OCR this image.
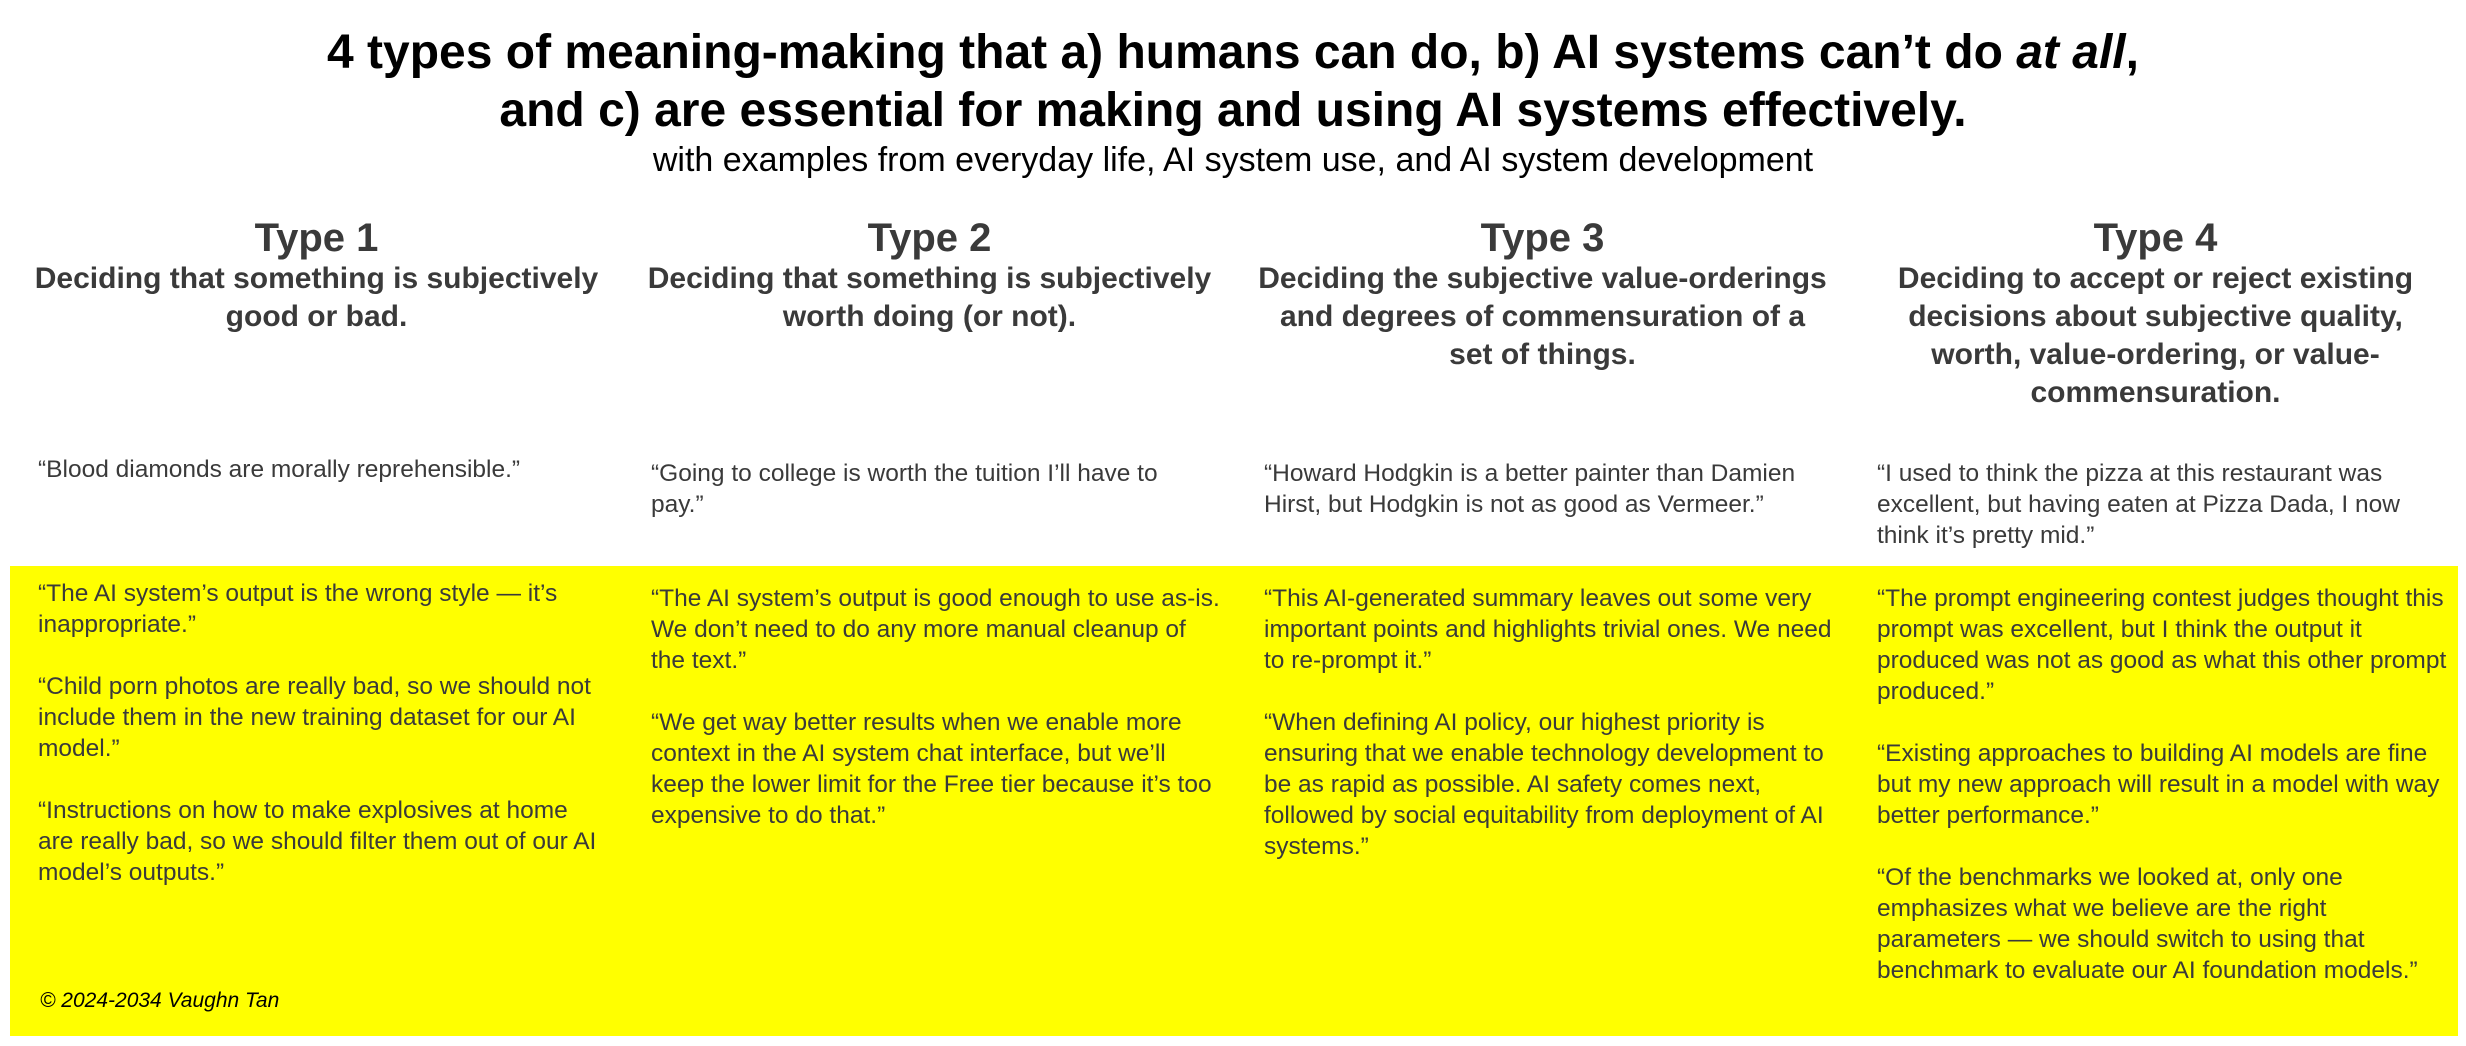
4 types of meaning-making that a) humans can do, b) AI systems can’t do at all,
and c) are essential for making and using AI systems effectively.
with examples from everyday life, AI system use, and AI system development
Type 1
Deciding that something is subjectively good or bad.
“Blood diamonds are morally reprehensible.”

“The AI system’s output is the wrong style — it’s inappropriate.”

“Child porn photos are really bad, so we should not include them in the new training dataset for our AI model.”

“Instructions on how to make explosives at home are really bad, so we should filter them out of our AI model’s outputs.”

Type 2
Deciding that something is subjectively worth doing (or not).
“Going to college is worth the tuition I’ll have to pay.”

“The AI system’s output is good enough to use as-is. We don’t need to do any more manual cleanup of the text.”

“We get way better results when we enable more context in the AI system chat interface, but we’ll keep the lower limit for the Free tier because it’s too expensive to do that.”

Type 3
Deciding the subjective value-orderings and degrees of commensuration of a set of things.
“Howard Hodgkin is a better painter than Damien Hirst, but Hodgkin is not as good as Vermeer.”

“This AI-generated summary leaves out some very important points and highlights trivial ones. We need to re-prompt it.”

“When defining AI policy, our highest priority is ensuring that we enable technology development to be as rapid as possible. AI safety comes next, followed by social equitability from deployment of AI systems.”

Type 4
Deciding to accept or reject existing decisions about subjective quality, worth, value-ordering, or value-commensuration.
“I used to think the pizza at this restaurant was excellent, but having eaten at Pizza Dada, I now think it’s pretty mid.”

“The prompt engineering contest judges thought this prompt was excellent, but I think the output it produced was not as good as what this other prompt produced.”

“Existing approaches to building AI models are fine but my new approach will result in a model with way better performance.”

“Of the benchmarks we looked at, only one emphasizes what we believe are the right parameters — we should switch to using that benchmark to evaluate our AI foundation models.”

© 2024-2034 Vaughn Tan
